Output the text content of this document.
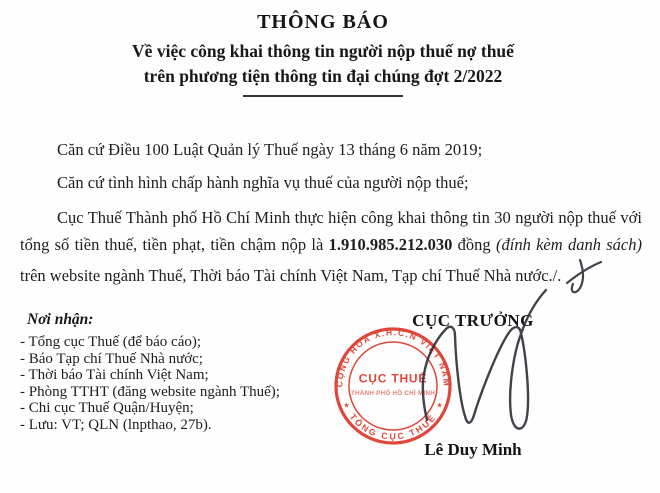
THÔNG BÁO
Về việc công khai thông tin người nộp thuế nợ thuế
trên phương tiện thông tin đại chúng đợt 2/2022

Căn cứ Điều 100 Luật Quản lý Thuế ngày 13 tháng 6 năm 2019;

Căn cứ tình hình chấp hành nghĩa vụ thuế của người nộp thuế;

Cục Thuế Thành phố Hồ Chí Minh thực hiện công khai thông tin 30 người nộp thuế với tổng số tiền thuế, tiền phạt, tiền chậm nộp là 1.910.985.212.030 đồng (đính kèm danh sách) trên website ngành Thuế, Thời báo Tài chính Việt Nam, Tạp chí Thuế Nhà nước./.

Nơi nhận:
- Tổng cục Thuế (để báo cáo);
- Báo Tạp chí Thuế Nhà nước;
- Thời báo Tài chính Việt Nam;
- Phòng TTHT (đăng website ngành Thuế);
- Chi cục Thuế Quận/Huyện;
- Lưu: VT; QLN (lnpthao, 27b).
CỤC TRƯỞNG
CỘNG HÒA X.H.C.N VIỆT NAM
TỔNG CỤC THUẾ
★	★
CỤC THUẾ
THÀNH PHỐ HỒ CHÍ MINH
Lê Duy Minh
